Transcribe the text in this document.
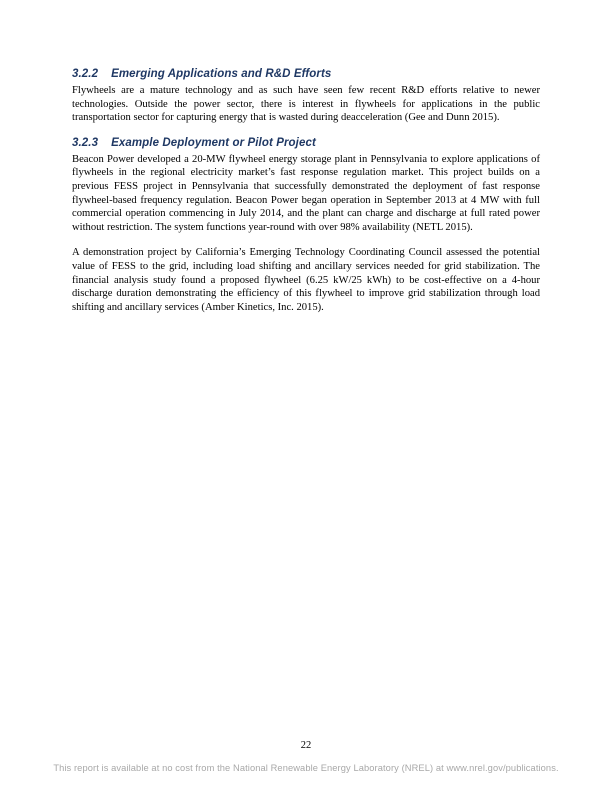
3.2.2 Emerging Applications and R&D Efforts

Flywheels are a mature technology and as such have seen few recent R&D efforts relative to newer technologies. Outside the power sector, there is interest in flywheels for applications in the public transportation sector for capturing energy that is wasted during deacceleration (Gee and Dunn 2015).

3.2.3 Example Deployment or Pilot Project

Beacon Power developed a 20-MW flywheel energy storage plant in Pennsylvania to explore applications of flywheels in the regional electricity market’s fast response regulation market. This project builds on a previous FESS project in Pennsylvania that successfully demonstrated the deployment of fast response flywheel-based frequency regulation. Beacon Power began operation in September 2013 at 4 MW with full commercial operation commencing in July 2014, and the plant can charge and discharge at full rated power without restriction. The system functions year-round with over 98% availability (NETL 2015).

A demonstration project by California’s Emerging Technology Coordinating Council assessed the potential value of FESS to the grid, including load shifting and ancillary services needed for grid stabilization. The financial analysis study found a proposed flywheel (6.25 kW/25 kWh) to be cost-effective on a 4-hour discharge duration demonstrating the efficiency of this flywheel to improve grid stabilization through load shifting and ancillary services (Amber Kinetics, Inc. 2015).

22
This report is available at no cost from the National Renewable Energy Laboratory (NREL) at www.nrel.gov/publications.
